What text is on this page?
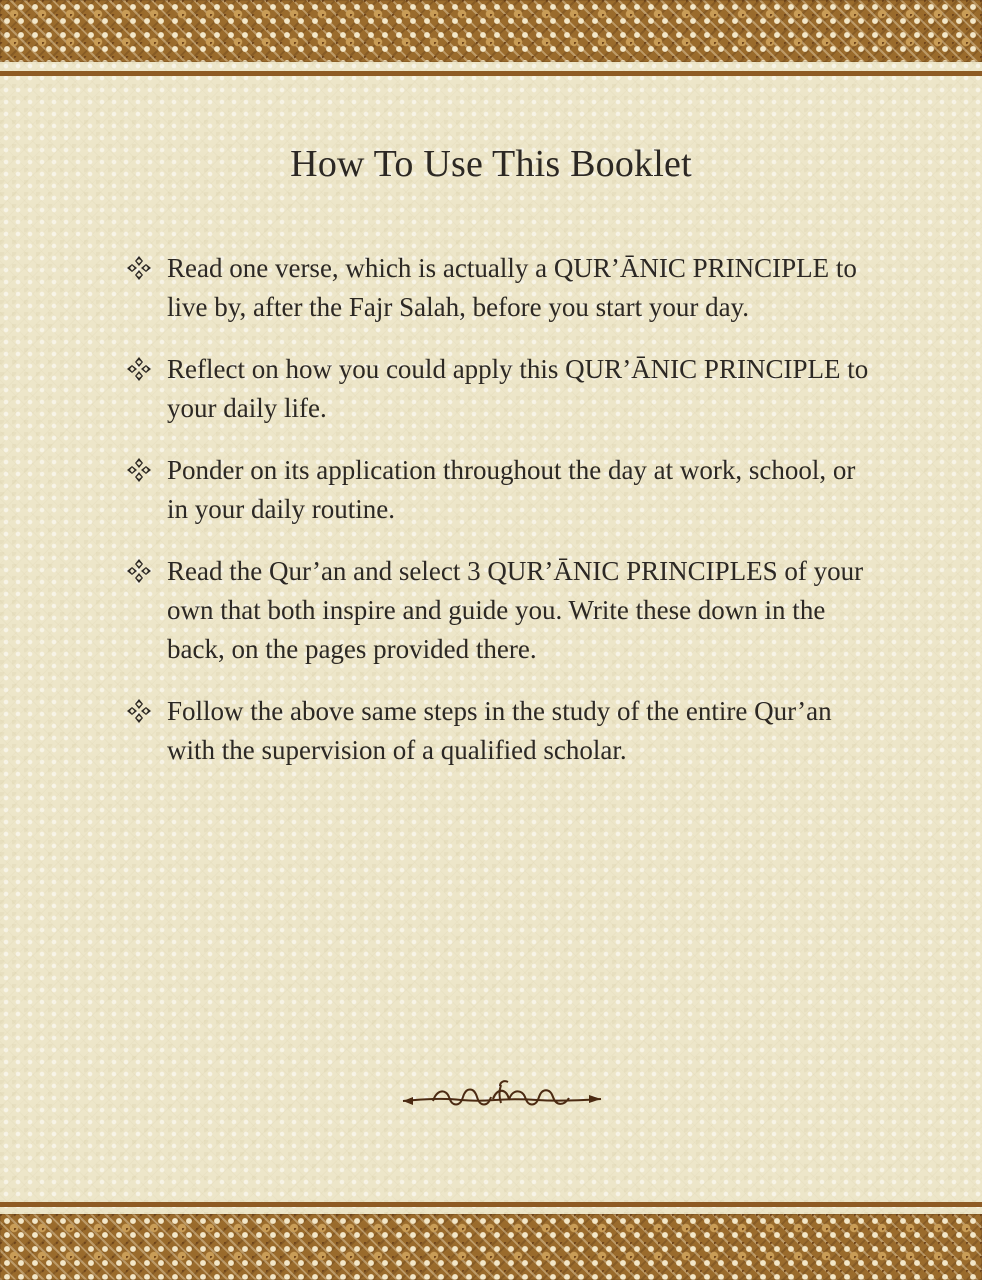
How To Use This Booklet
Read one verse, which is actually a QUR’ĀNIC PRINCIPLE to live by, after the Fajr Salah, before you start your day.
Reflect on how you could apply this QUR’ĀNIC PRINCIPLE to your daily life.
Ponder on its application throughout the day at work, school, or in your daily routine.
Read the Qur’an and select 3 QUR’ĀNIC PRINCIPLES of your own that both inspire and guide you. Write these down in the back, on the pages provided there.
Follow the above same steps in the study of the entire Qur’an with the supervision of a qualified scholar.
